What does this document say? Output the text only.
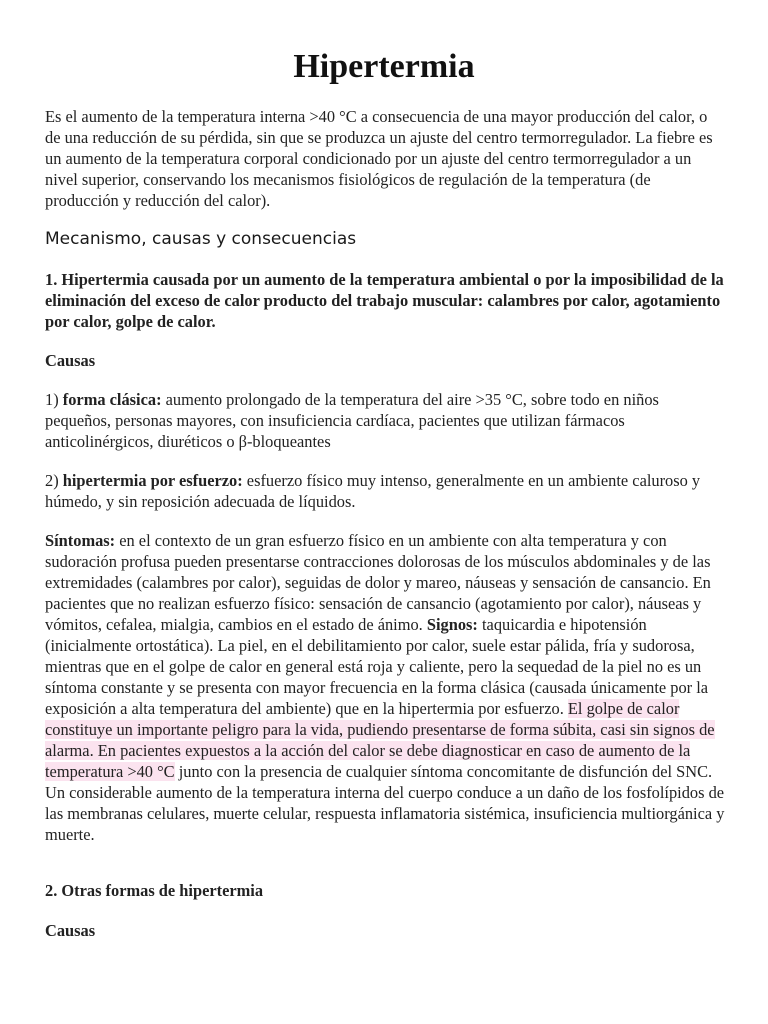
Hipertermia

Es el aumento de la temperatura interna >40 °C a consecuencia de una mayor producción del calor, o de una reducción de su pérdida, sin que se produzca un ajuste del centro termorregulador. La fiebre es un aumento de la temperatura corporal condicionado por un ajuste del centro termorregulador a un nivel superior, conservando los mecanismos fisiológicos de regulación de la temperatura (de producción y reducción del calor).

Mecanismo, causas y consecuencias

1. Hipertermia causada por un aumento de la temperatura ambiental o por la imposibilidad de la eliminación del exceso de calor producto del trabajo muscular: calambres por calor, agotamiento por calor, golpe de calor.

Causas

1) forma clásica: aumento prolongado de la temperatura del aire >35 °C, sobre todo en niños pequeños, personas mayores, con insuficiencia cardíaca, pacientes que utilizan fármacos anticolinérgicos, diuréticos o β-bloqueantes

2) hipertermia por esfuerzo: esfuerzo físico muy intenso, generalmente en un ambiente caluroso y húmedo, y sin reposición adecuada de líquidos.

Síntomas: en el contexto de un gran esfuerzo físico en un ambiente con alta temperatura y con sudoración profusa pueden presentarse contracciones dolorosas de los músculos abdominales y de las extremidades (calambres por calor), seguidas de dolor y mareo, náuseas y sensación de cansancio. En pacientes que no realizan esfuerzo físico: sensación de cansancio (agotamiento por calor), náuseas y vómitos, cefalea, mialgia, cambios en el estado de ánimo. Signos: taquicardia e hipotensión (inicialmente ortostática). La piel, en el debilitamiento por calor, suele estar pálida, fría y sudorosa, mientras que en el golpe de calor en general está roja y caliente, pero la sequedad de la piel no es un síntoma constante y se presenta con mayor frecuencia en la forma clásica (causada únicamente por la exposición a alta temperatura del ambiente) que en la hipertermia por esfuerzo. El golpe de calor constituye un importante peligro para la vida, pudiendo presentarse de forma súbita, casi sin signos de alarma. En pacientes expuestos a la acción del calor se debe diagnosticar en caso de aumento de la temperatura >40 °C junto con la presencia de cualquier síntoma concomitante de disfunción del SNC. Un considerable aumento de la temperatura interna del cuerpo conduce a un daño de los fosfolípidos de las membranas celulares, muerte celular, respuesta inflamatoria sistémica, insuficiencia multiorgánica y muerte.

2. Otras formas de hipertermia

Causas
